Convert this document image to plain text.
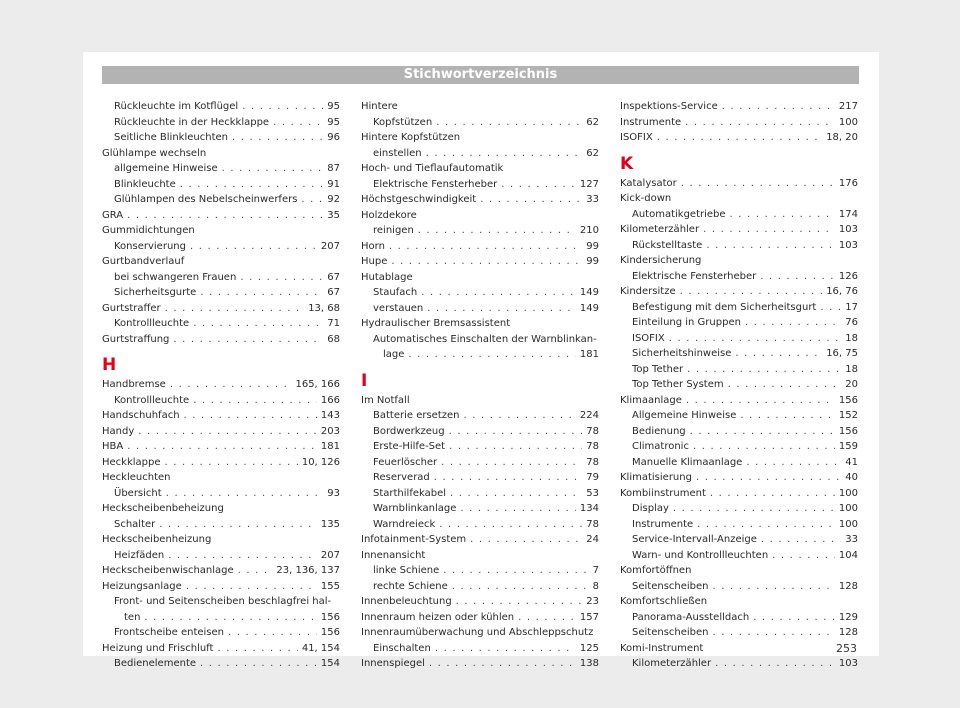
Stichwortverzeichnis
Rückleuchte im Kotflügel . . .	95
Rückleuchte in der Heckklappe . . .	95
Seitliche Blinkleuchten . . .	96
Glühlampe wechseln
allgemeine Hinweise . . .	87
Blinkleuchte . . .	91
Glühlampen des Nebelscheinwerfers . . .	92
GRA . . .	35
Gummidichtungen
Konservierung . . .	207
Gurtbandverlauf
bei schwangeren Frauen . . .	67
Sicherheitsgurte . . .	67
Gurtstraffer . . .	13, 68
Kontrollleuchte . . .	71
Gurtstraffung . . .	68
H
Handbremse . . .	165, 166
Kontrollleuchte . . .	166
Handschuhfach . . .	143
Handy . . .	203
HBA . . .	181
Heckklappe . . .	10, 126
Heckleuchten
Übersicht . . .	93
Heckscheibenbeheizung
Schalter . . .	135
Heckscheibenheizung
Heizfäden . . .	207
Heckscheibenwischanlage . . .	23, 136, 137
Heizungsanlage . . .	155
Front- und Seitenscheiben beschlagfrei hal-
ten . . .	156
Frontscheibe enteisen . . .	156
Heizung und Frischluft . . .	41, 154
Bedienelemente . . .	154
Hintere
Kopfstützen . . .	62
Hintere Kopfstützen
einstellen . . .	62
Hoch- und Tieflaufautomatik
Elektrische Fensterheber . . .	127
Höchstgeschwindigkeit . . .	33
Holzdekore
reinigen . . .	210
Horn . . .	99
Hupe . . .	99
Hutablage
Staufach . . .	149
verstauen . . .	149
Hydraulischer Bremsassistent
Automatisches Einschalten der Warnblinkan-
lage . . .	181
I
Im Notfall
Batterie ersetzen . . .	224
Bordwerkzeug . . .	78
Erste-Hilfe-Set . . .	78
Feuerlöscher . . .	78
Reserverad . . .	79
Starthilfekabel . . .	53
Warnblinkanlage . . .	134
Warndreieck . . .	78
Infotainment-System . . .	24
Innenansicht
linke Schiene . . .	7
rechte Schiene . . .	8
Innenbeleuchtung . . .	23
Innenraum heizen oder kühlen . . .	157
Innenraumüberwachung und Abschleppschutz
Einschalten . . .	125
Innenspiegel . . .	138
Inspektions-Service . . .	217
Instrumente . . .	100
ISOFIX . . .	18, 20
K
Katalysator . . .	176
Kick-down
Automatikgetriebe . . .	174
Kilometerzähler . . .	103
Rückstelltaste . . .	103
Kindersicherung
Elektrische Fensterheber . . .	126
Kindersitze . . .	16, 76
Befestigung mit dem Sicherheitsgurt . . .	17
Einteilung in Gruppen . . .	76
ISOFIX . . .	18
Sicherheitshinweise . . .	16, 75
Top Tether . . .	18
Top Tether System . . .	20
Klimaanlage . . .	156
Allgemeine Hinweise . . .	152
Bedienung . . .	156
Climatronic . . .	159
Manuelle Klimaanlage . . .	41
Klimatisierung . . .	40
Kombiinstrument . . .	100
Display . . .	100
Instrumente . . .	100
Service-Intervall-Anzeige . . .	33
Warn- und Kontrollleuchten . . .	104
Komfortöffnen
Seitenscheiben . . .	128
Komfortschließen
Panorama-Ausstelldach . . .	129
Seitenscheiben . . .	128
Komi-Instrument
Kilometerzähler . . .	103
253
